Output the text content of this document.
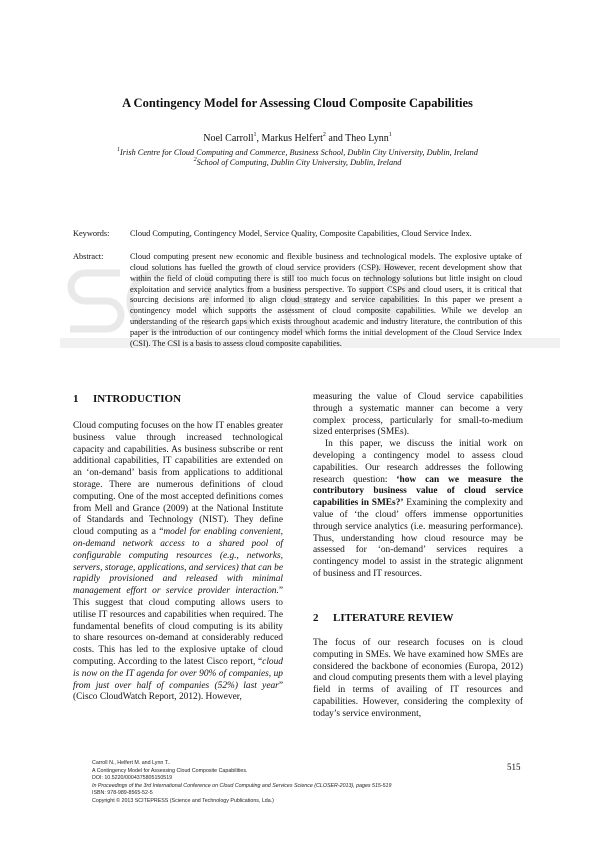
A Contingency Model for Assessing Cloud Composite Capabilities
Noel Carroll$^1$, Markus Helfert$^2$ and Theo Lynn$^1$
$^1$Irish Centre for Cloud Computing and Commerce, Business School, Dublin City University, Dublin, Ireland
$^2$School of Computing, Dublin City University, Dublin, Ireland
Keywords: Cloud Computing, Contingency Model, Service Quality, Composite Capabilities, Cloud Service Index.
Abstract:	Cloud computing present new economic and flexible business and technological models. The explosive uptake of cloud solutions has fuelled the growth of cloud service providers (CSP). However, recent development show that within the field of cloud computing there is still too much focus on technology solutions but little insight on cloud exploitation and service analytics from a business perspective. To support CSPs and cloud users, it is critical that sourcing decisions are informed to align cloud strategy and service capabilities. In this paper we present a contingency model which supports the assessment of cloud composite capabilities. While we develop an understanding of the research gaps which exists throughout academic and industry literature, the contribution of this paper is the introduction of our contingency model which forms the initial development of the Cloud Service Index (CSI). The CSI is a basis to assess cloud composite capabilities.
1 INTRODUCTION

Cloud computing focuses on the how IT enables greater business value through increased technological capacity and capabilities. As business subscribe or rent additional capabilities, IT capabilities are extended on an ‘on-demand’ basis from applications to additional storage. There are numerous definitions of cloud computing. One of the most accepted definitions comes from Mell and Grance (2009) at the National Institute of Standards and Technology (NIST). They define cloud computing as a “model for enabling convenient, on-demand network access to a shared pool of configurable computing resources (e.g., networks, servers, storage, applications, and services) that can be rapidly provisioned and released with minimal management effort or service provider interaction.” This suggest that cloud computing allows users to utilise IT resources and capabilities when required. The fundamental benefits of cloud computing is its ability to share resources on-demand at considerably reduced costs. This has led to the explosive uptake of cloud computing. According to the latest Cisco report, “cloud is now on the IT agenda for over 90% of companies, up from just over half of companies (52%) last year” (Cisco CloudWatch Report, 2012). However,

measuring the value of Cloud service capabilities through a systematic manner can become a very complex process, particularly for small-to-medium sized enterprises (SMEs).

In this paper, we discuss the initial work on developing a contingency model to assess cloud capabilities. Our research addresses the following research question: ‘how can we measure the contributory business value of cloud service capabilities in SMEs?’ Examining the complexity and value of ‘the cloud’ offers immense opportunities through service analytics (i.e. measuring performance). Thus, understanding how cloud resource may be assessed for ‘on-demand’ services requires a contingency model to assist in the strategic alignment of business and IT resources.

2 LITERATURE REVIEW

The focus of our research focuses on is cloud computing in SMEs. We have examined how SMEs are considered the backbone of economies (Europa, 2012) and cloud computing presents them with a level playing field in terms of availing of IT resources and capabilities. However, considering the complexity of today’s service environment,

Carroll N., Helfert M. and Lynn T..
A Contingency Model for Assessing Cloud Composite Capabilities.
DOI: 10.5220/0004375805150519
In Proceedings of the 3rd International Conference on Cloud Computing and Services Science (CLOSER-2013), pages 515-519
ISBN: 978-989-8565-52-5
Copyright © 2013 SCITEPRESS (Science and Technology Publications, Lda.)
515
